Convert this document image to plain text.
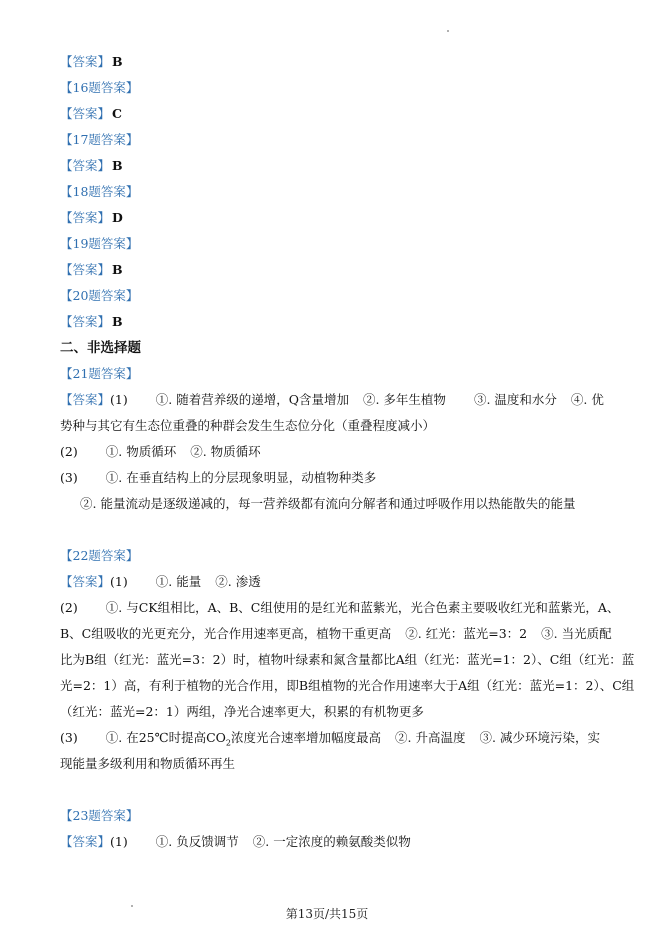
【答案】 B
【16题答案】
【答案】 C
【17题答案】
【答案】 B
【18题答案】
【答案】 D
【19题答案】
【答案】 B
【20题答案】
【答案】 B
二、非选择题
【21题答案】
【答案】(1) ①. 随着营养级的递增，Q含量增加 ②. 多年生植物 ③. 温度和水分 ④. 优
势种与其它有生态位重叠的种群会发生生态位分化（重叠程度减小）
(2) ①. 物质循环 ②. 物质循环
(3) ①. 在垂直结构上的分层现象明显，动植物种类多
②. 能量流动是逐级递减的，每一营养级都有流向分解者和通过呼吸作用以热能散失的能量
【22题答案】
【答案】(1) ①. 能量 ②. 渗透
(2) ①. 与CK组相比，A、B、C组使用的是红光和蓝紫光，光合色素主要吸收红光和蓝紫光，A、
B、C组吸收的光更充分，光合作用速率更高，植物干重更高 ②. 红光：蓝光=3：2 ③. 当光质配
比为B组（红光：蓝光=3：2）时，植物叶绿素和氮含量都比A组（红光：蓝光=1：2）、C组（红光：蓝
光=2：1）高，有利于植物的光合作用，即B组植物的光合作用速率大于A组（红光：蓝光=1：2）、C组
（红光：蓝光=2：1）两组，净光合速率更大，积累的有机物更多
(3) ①. 在25℃时提高$CO_2$浓度光合速率增加幅度最高 ②. 升高温度 ③. 减少环境污染，实
现能量多级利用和物质循环再生
【23题答案】
【答案】(1) ①. 负反馈调节 ②. 一定浓度的赖氨酸类似物
第13页/共15页
